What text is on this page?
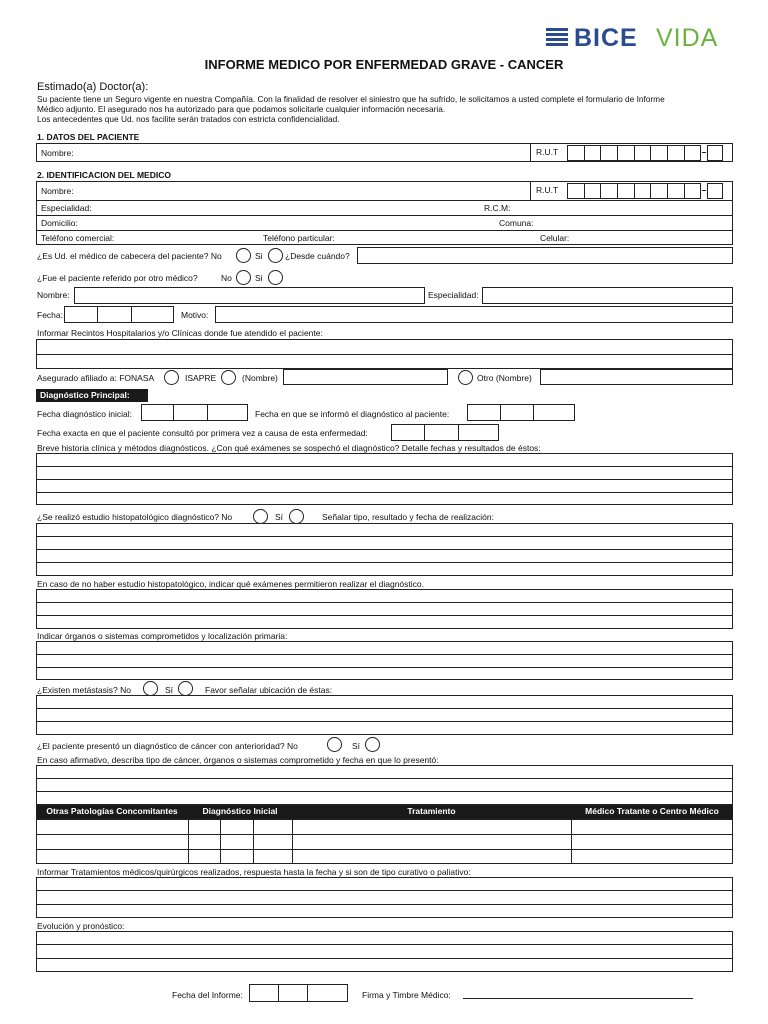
BICE VIDA
INFORME MEDICO POR ENFERMEDAD GRAVE - CANCER
Estimado(a) Doctor(a):
Su paciente tiene un Seguro vigente en nuestra Compañía. Con la finalidad de resolver el siniestro que ha sufrido, le solicitamos a usted complete el formulario de Informe
Médico adjunto. El asegurado nos ha autorizado para que podamos solicitarle cualquier información necesaria.
Los antecedentes que Ud. nos facilite serán tratados con estricta confidencialidad.
1. DATOS DEL PACIENTE
Nombre:	R.U.T
2. IDENTIFICACION DEL MEDICO
Nombre:	R.U.T
Especialidad:	R.C.M:
Domicilio:	Comuna:
Teléfono comercial:	Teléfono particular:	Celular:
¿Es Ud. el médico de cabecera del paciente? No	Si	¿Desde cuándo?
¿Fue el paciente referido por otro médico?	No	Si
Nombre:	Especialidad:
Fecha:	Motivo:
Informar Recintos Hospitalarios y/o Clínicas donde fue atendido el paciente:
Asegurado afiliado a: FONASA	ISAPRE	(Nombre)	Otro (Nombre)
Diagnóstico Principal:
Fecha diagnóstico inicial:	Fecha en que se informó el diagnóstico al paciente:
Fecha exacta en que el paciente consultó por primera vez a causa de esta enfermedad:
Breve historia clínica y métodos diagnósticos. ¿Con qué exámenes se sospechó el diagnóstico? Detalle fechas y resultados de éstos:
¿Se realizó estudio histopatológico diagnóstico? No	Sí	Señalar tipo, resultado y fecha de realización:
En caso de no haber estudio histopatológico, indicar qué exámenes permitieron realizar el diagnóstico.
Indicar órganos o sistemas comprometidos y localización primaria:
¿Existen metástasis? No	Sí	Favor señalar ubicación de éstas:
¿El paciente presentó un diagnóstico de cáncer con anterioridad? No	Sí
En caso afirmativo, describa tipo de cáncer, órganos o sistemas comprometido y fecha en que lo presentó:
Otras Patologías Concomitantes	Diagnóstico Inicial	Tratamiento	Médico Tratante o Centro Médico
Informar Tratamientos médicos/quirúrgicos realizados, respuesta hasta la fecha y si son de tipo curativo o paliativo:
Evolución y pronóstico:
Fecha del Informe:	Firma y Timbre Médico:
